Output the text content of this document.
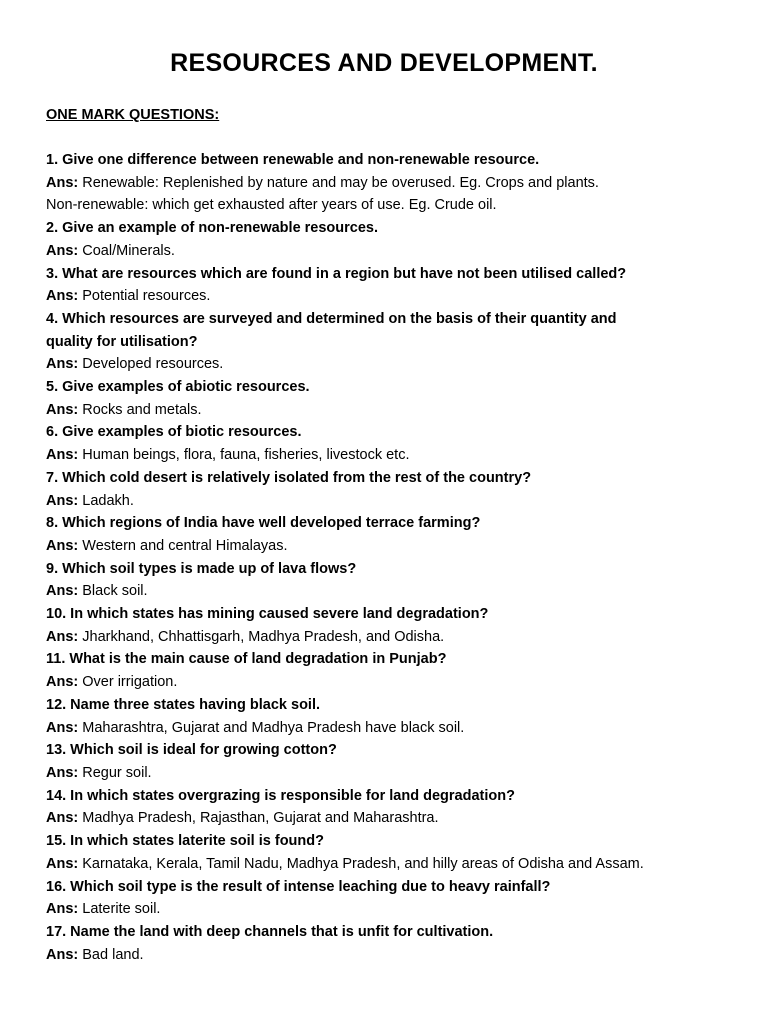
RESOURCES AND DEVELOPMENT.
ONE MARK QUESTIONS:
1. Give one difference between renewable and non-renewable resource.
Ans: Renewable: Replenished by nature and may be overused. Eg. Crops and plants.
Non-renewable: which get exhausted after years of use. Eg. Crude oil.
2. Give an example of non-renewable resources.
Ans: Coal/Minerals.
3. What are resources which are found in a region but have not been utilised called?
Ans: Potential resources.
4. Which resources are surveyed and determined on the basis of their quantity and
quality for utilisation?
Ans: Developed resources.
5. Give examples of abiotic resources.
Ans: Rocks and metals.
6. Give examples of biotic resources.
Ans: Human beings, flora, fauna, fisheries, livestock etc.
7. Which cold desert is relatively isolated from the rest of the country?
Ans: Ladakh.
8. Which regions of India have well developed terrace farming?
Ans: Western and central Himalayas.
9. Which soil types is made up of lava flows?
Ans: Black soil.
10. In which states has mining caused severe land degradation?
Ans: Jharkhand, Chhattisgarh, Madhya Pradesh, and Odisha.
11. What is the main cause of land degradation in Punjab?
Ans: Over irrigation.
12. Name three states having black soil.
Ans: Maharashtra, Gujarat and Madhya Pradesh have black soil.
13. Which soil is ideal for growing cotton?
Ans: Regur soil.
14. In which states overgrazing is responsible for land degradation?
Ans: Madhya Pradesh, Rajasthan, Gujarat and Maharashtra.
15. In which states laterite soil is found?
Ans: Karnataka, Kerala, Tamil Nadu, Madhya Pradesh, and hilly areas of Odisha and Assam.
16. Which soil type is the result of intense leaching due to heavy rainfall?
Ans: Laterite soil.
17. Name the land with deep channels that is unfit for cultivation.
Ans: Bad land.
